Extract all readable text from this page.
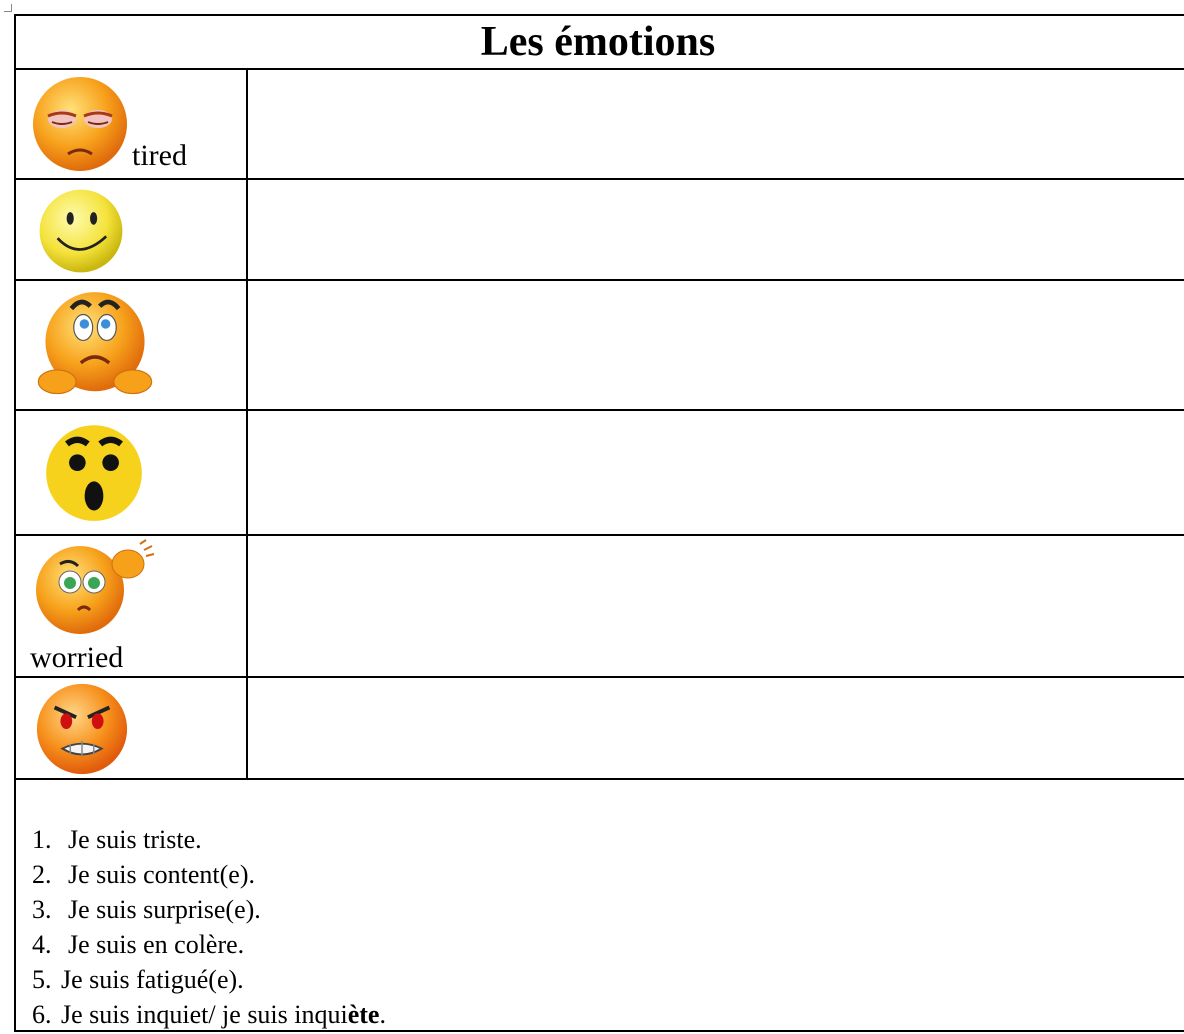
Les émotions
tired
worried
1. Je suis triste.
2. Je suis content(e).
3. Je suis surprise(e).
4. Je suis en colère.
5. Je suis fatigué(e).
6. Je suis inquiet/ je suis inquiète.
